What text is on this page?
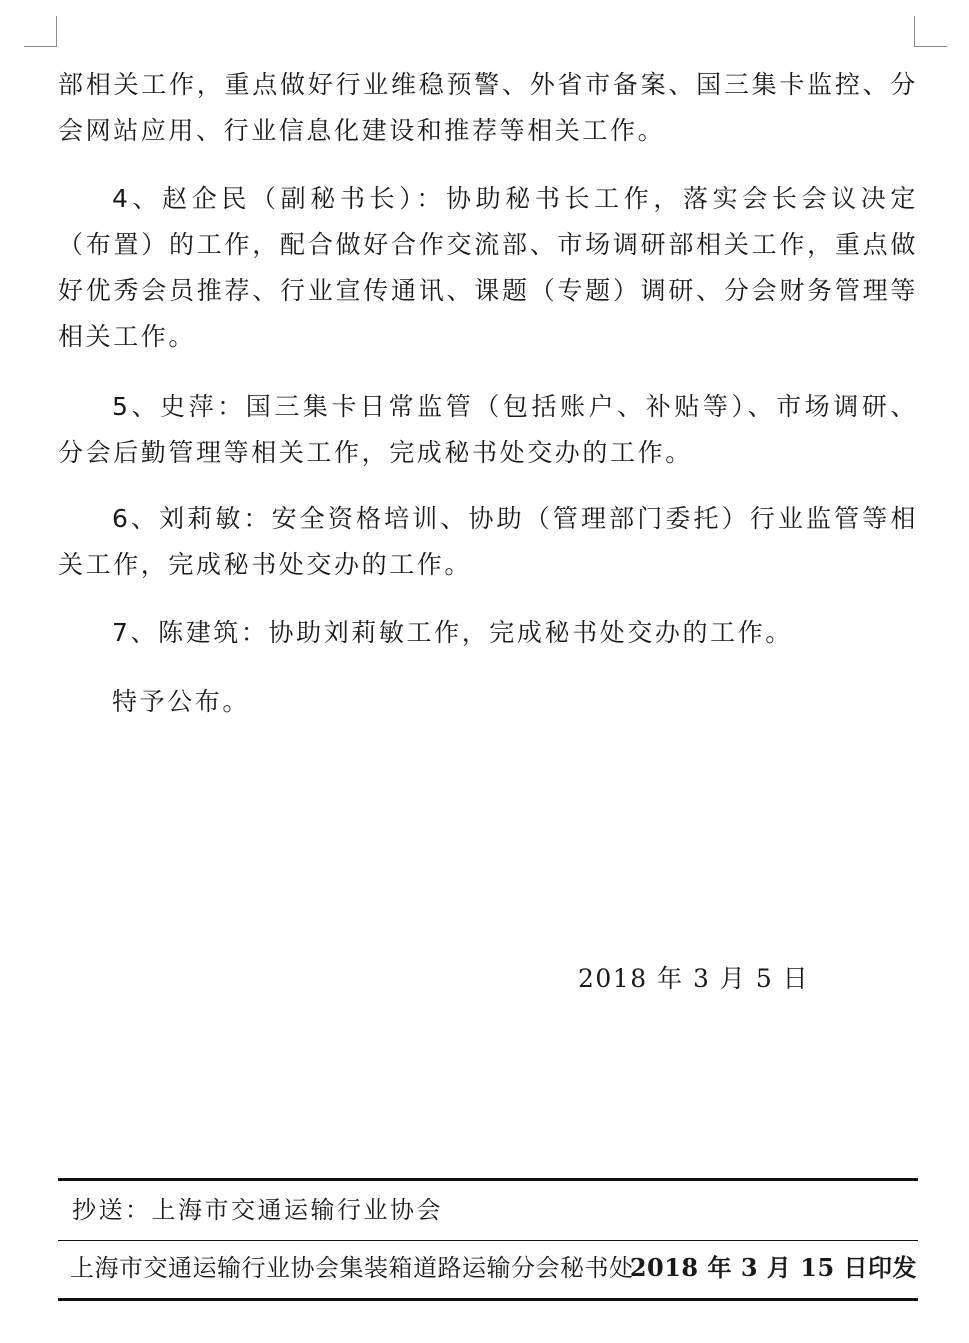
部相关工作，重点做好行业维稳预警、外省市备案、国三集卡监控、分会网站应用、行业信息化建设和推荐等相关工作。

4、赵企民（副秘书长）：协助秘书长工作，落实会长会议决定（布置）的工作，配合做好合作交流部、市场调研部相关工作，重点做好优秀会员推荐、行业宣传通讯、课题（专题）调研、分会财务管理等相关工作。

5、史萍：国三集卡日常监管（包括账户、补贴等）、市场调研、分会后勤管理等相关工作，完成秘书处交办的工作。

6、刘莉敏：安全资格培训、协助（管理部门委托）行业监管等相关工作，完成秘书处交办的工作。

7、陈建筑：协助刘莉敏工作，完成秘书处交办的工作。

特予公布。

2018 年 3 月 5 日
抄送：上海市交通运输行业协会
上海市交通运输行业协会集装箱道路运输分会秘书处
2018 年 3 月 15 日印发
